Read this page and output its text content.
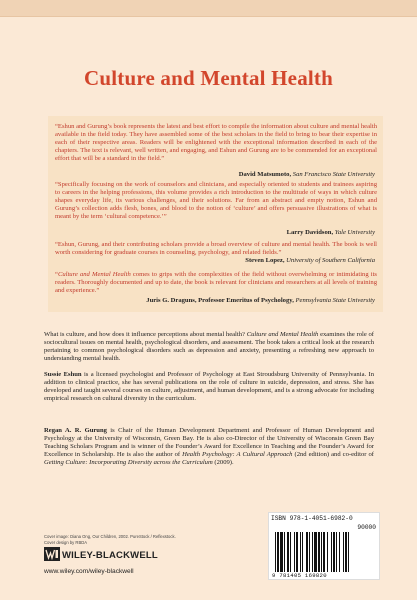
Culture and Mental Health

“Eshun and Gurung’s book represents the latest and best effort to compile the information about culture and mental health available in the field today. They have assembled some of the best scholars in the field to bring to bear their expertise in each of their respective areas. Readers will be enlightened with the exceptional information described in each of the chapters. The text is relevant, well written, and engaging, and Eshun and Gurung are to be commended for an exceptional effort that will be a standard in the field.”

David Matsumoto, San Francisco State University

“Specifically focusing on the work of counselors and clinicians, and especially oriented to students and trainees aspiring to careers in the helping professions, this volume provides a rich introduction to the multitude of ways in which culture shapes everyday life, its various challenges, and their solutions. Far from an abstract and empty notion, Eshun and Gurung’s collection adds flesh, bones, and blood to the notion of ‘culture’ and offers persuasive illustrations of what is meant by the term ‘cultural competence.’”

Larry Davidson, Yale University

“Eshun, Gurung, and their contributing scholars provide a broad overview of culture and mental health. The book is well worth considering for graduate courses in counseling, psychology, and related fields.”

Steven Lopez, University of Southern California

“Culture and Mental Health comes to grips with the complexities of the field without overwhelming or intimidating its readers. Thoroughly documented and up to date, the book is relevant for clinicians and researchers at all levels of training and experience.”

Juris G. Draguns, Professor Emeritus of Psychology, Pennsylvania State University

What is culture, and how does it influence perceptions about mental health? Culture and Mental Health examines the role of sociocultural issues on mental health, psychological disorders, and assessment. The book takes a critical look at the research pertaining to common psychological disorders such as depression and anxiety, presenting a refreshing new approach to understanding mental health.

Sussie Eshun is a licensed psychologist and Professor of Psychology at East Stroudsburg University of Pennsylvania. In addition to clinical practice, she has several publications on the role of culture in suicide, depression, and stress. She has developed and taught several courses on culture, adjustment, and human development, and is a strong advocate for including empirical research on cultural diversity in the curriculum.

Regan A. R. Gurung is Chair of the Human Development Department and Professor of Human Development and Psychology at the University of Wisconsin, Green Bay. He is also co-Director of the University of Wisconsin Green Bay Teaching Scholars Program and is winner of the Founder’s Award for Excellence in Teaching and the Founder’s Award for Excellence in Scholarship. He is also the author of Health Psychology: A Cultural Approach (2nd edition) and co-editor of Getting Culture: Incorporating Diversity across the Curriculum (2009).

ISBN 978-1-4051-6982-0
90000
9 781405 169820
Cover image: Diana Ong, Our Children, 2002. PureStock / Reflexstock.
Cover design by RBDA
WILEY-BLACKWELL
www.wiley.com/wiley-blackwell
